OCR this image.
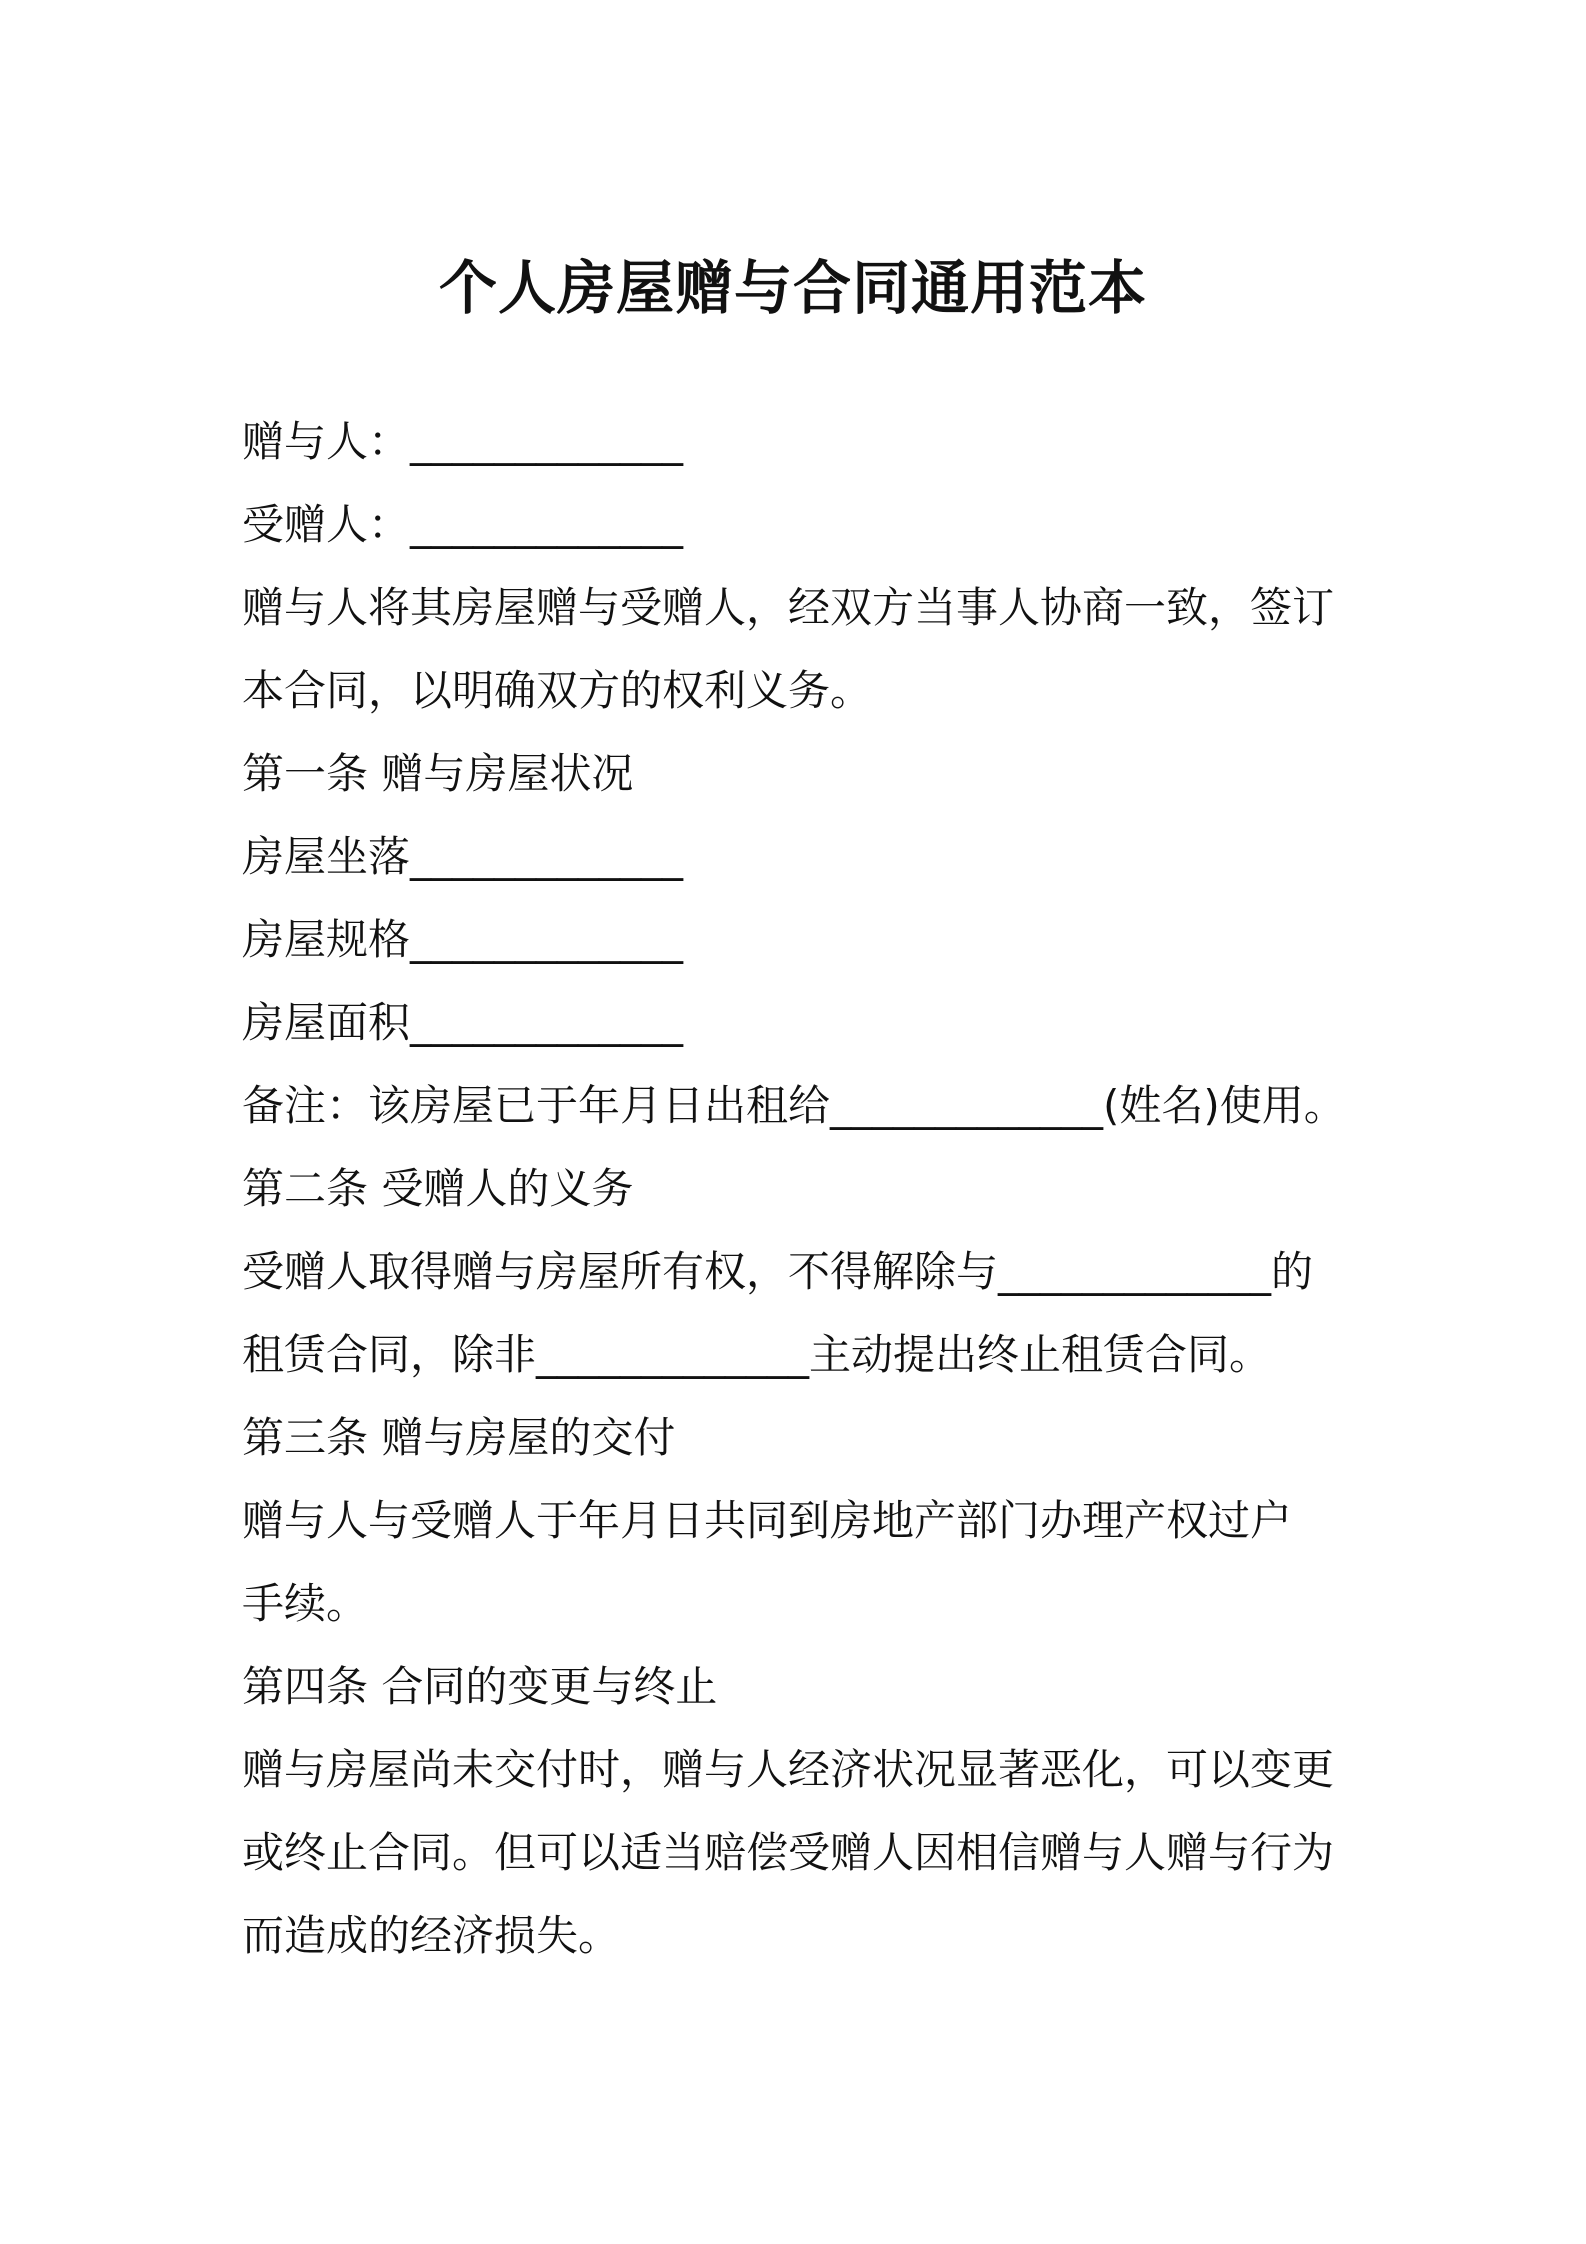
个人房屋赠与合同通用范本
赠与人：_____________
受赠人：_____________
赠与人将其房屋赠与受赠人，经双方当事人协商一致，签订
本合同，以明确双方的权利义务。
第一条 赠与房屋状况
房屋坐落_____________
房屋规格_____________
房屋面积_____________
备注：该房屋已于年月日出租给_____________(姓名)使用。
第二条 受赠人的义务
受赠人取得赠与房屋所有权，不得解除与_____________的
租赁合同，除非_____________主动提出终止租赁合同。
第三条 赠与房屋的交付
赠与人与受赠人于年月日共同到房地产部门办理产权过户
手续。
第四条 合同的变更与终止
赠与房屋尚未交付时，赠与人经济状况显著恶化，可以变更
或终止合同。但可以适当赔偿受赠人因相信赠与人赠与行为
而造成的经济损失。
